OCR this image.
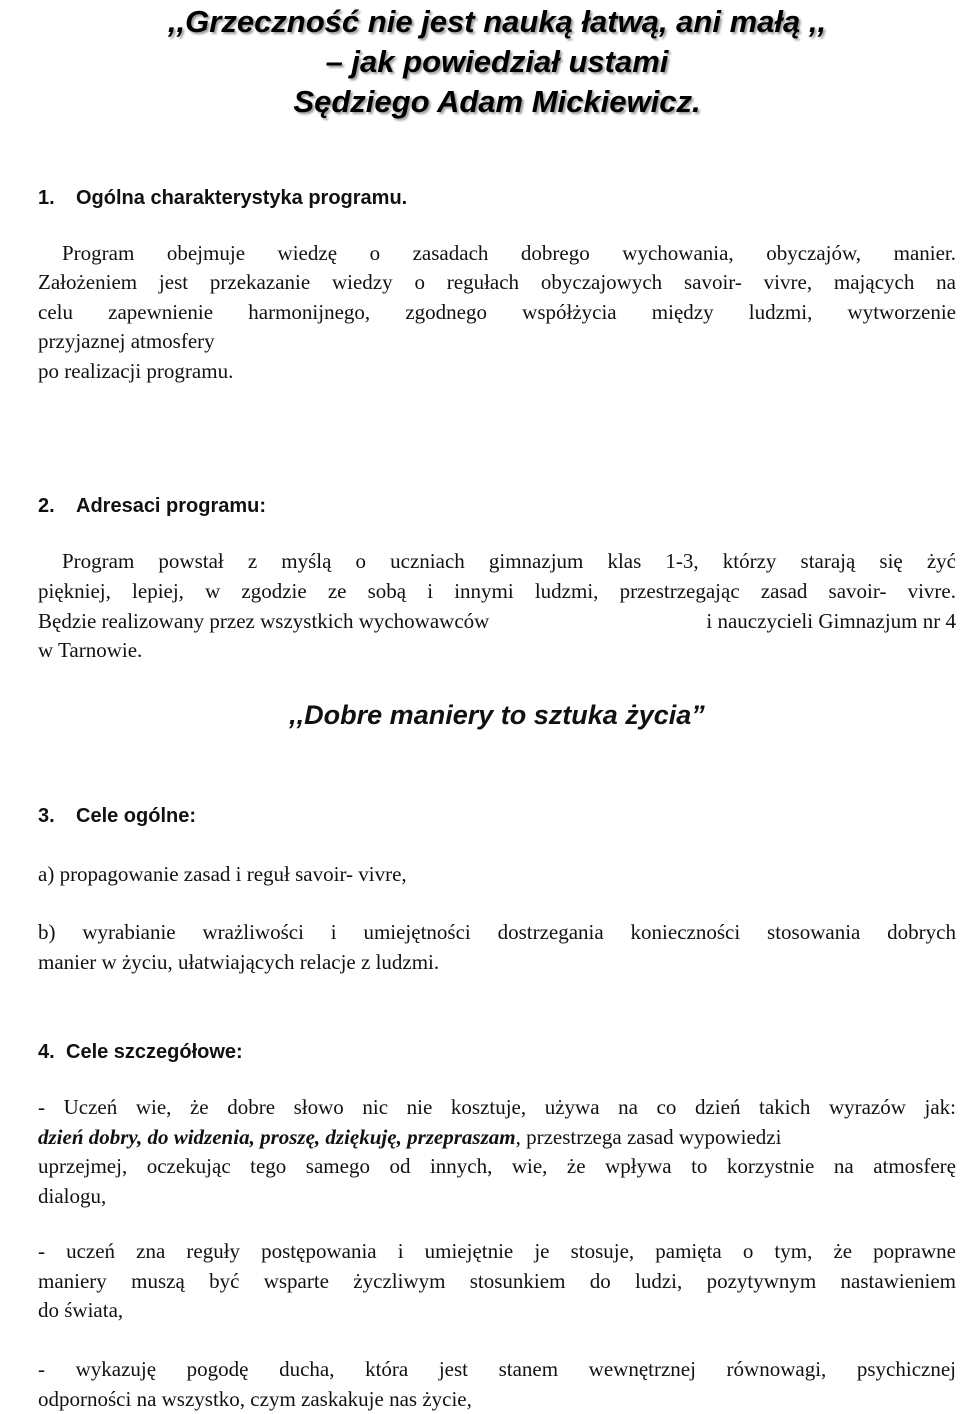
,,Grzeczność nie jest nauką łatwą, ani małą ,,
– jak powiedział ustami
Sędziego Adam Mickiewicz.
1. Ogólna charakterystyka programu.
Program obejmuje wiedzę o zasadach dobrego wychowania, obyczajów, manier.
Założeniem jest przekazanie wiedzy o regułach obyczajowych savoir- vivre, mających na
celu zapewnienie harmonijnego, zgodnego współżycia między ludzmi, wytworzenie
przyjaznej atmosfery
po realizacji programu.
2. Adresaci programu:
Program powstał z myślą o uczniach gimnazjum klas 1-3, którzy starają się żyć
piękniej, lepiej, w zgodzie ze sobą i innymi ludzmi, przestrzegając zasad savoir- vivre.
Będzie realizowany przez wszystkich wychowawców	i nauczycieli Gimnazjum nr 4
w Tarnowie.
,,Dobre maniery to sztuka życia”
3. Cele ogólne:
a) propagowanie zasad i reguł savoir- vivre,
b) wyrabianie wrażliwości i umiejętności dostrzegania konieczności stosowania dobrych
manier w życiu, ułatwiających relacje z ludzmi.
4. Cele szczegółowe:
- Uczeń wie, że dobre słowo nic nie kosztuje, używa na co dzień takich wyrazów jak:
dzień dobry, do widzenia, proszę, dziękuję, przepraszam, przestrzega zasad wypowiedzi
uprzejmej, oczekując tego samego od innych, wie, że wpływa to korzystnie na atmosferę
dialogu,
- uczeń zna reguły postępowania i umiejętnie je stosuje, pamięta o tym, że poprawne
maniery muszą być wsparte życzliwym stosunkiem do ludzi, pozytywnym nastawieniem
do świata,
- wykazuję pogodę ducha, która jest stanem wewnętrznej równowagi, psychicznej
odporności na wszystko, czym zaskakuje nas życie,
